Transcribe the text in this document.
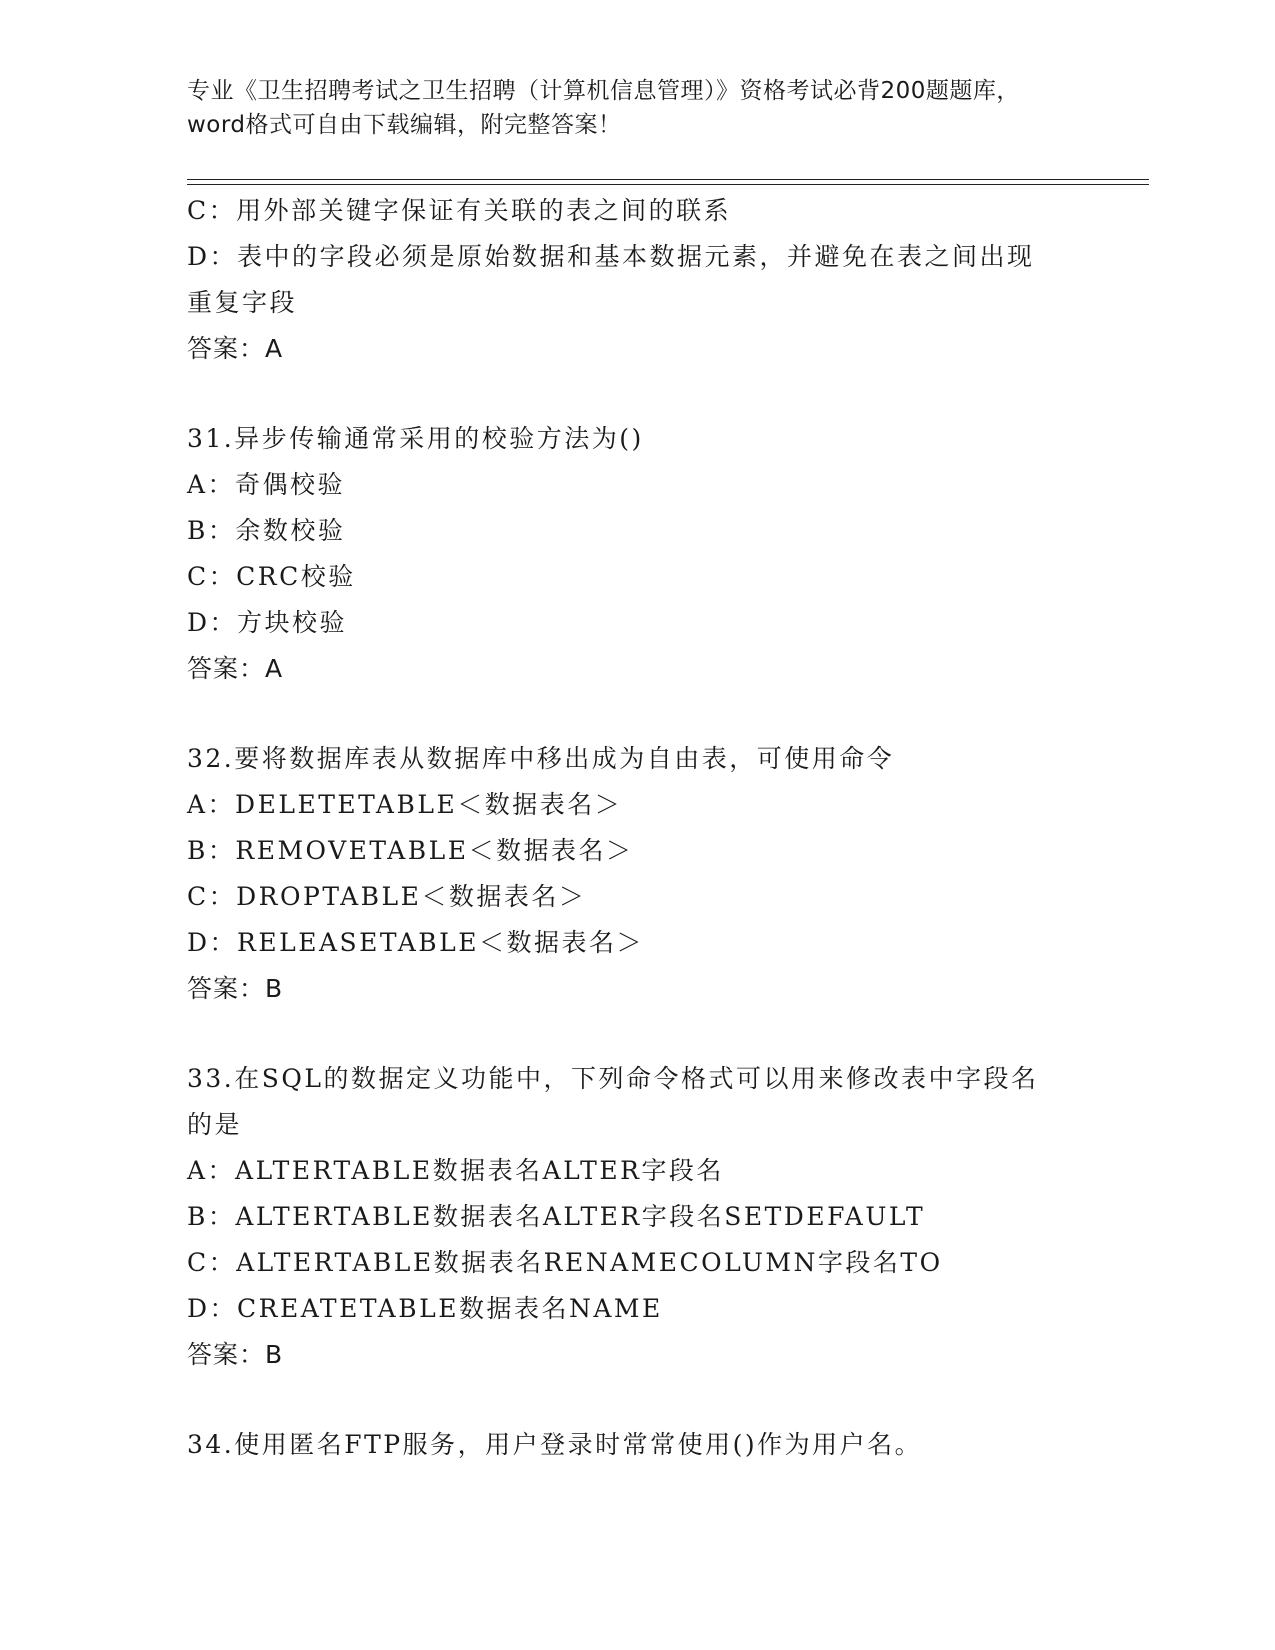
专业《卫生招聘考试之卫生招聘（计算机信息管理）》资格考试必背200题题库，
word格式可自由下载编辑，附完整答案！
C：用外部关键字保证有关联的表之间的联系
D：表中的字段必须是原始数据和基本数据元素，并避免在表之间出现
重复字段
答案：A
31.异步传输通常采用的校验方法为()
A：奇偶校验
B：余数校验
C：CRC校验
D：方块校验
答案：A
32.要将数据库表从数据库中移出成为自由表，可使用命令
A：DELETETABLE＜数据表名＞
B：REMOVETABLE＜数据表名＞
C：DROPTABLE＜数据表名＞
D：RELEASETABLE＜数据表名＞
答案：B
33.在SQL的数据定义功能中，下列命令格式可以用来修改表中字段名
的是
A：ALTERTABLE数据表名ALTER字段名
B：ALTERTABLE数据表名ALTER字段名SETDEFAULT
C：ALTERTABLE数据表名RENAMECOLUMN字段名TO
D：CREATETABLE数据表名NAME
答案：B
34.使用匿名FTP服务，用户登录时常常使用()作为用户名。
